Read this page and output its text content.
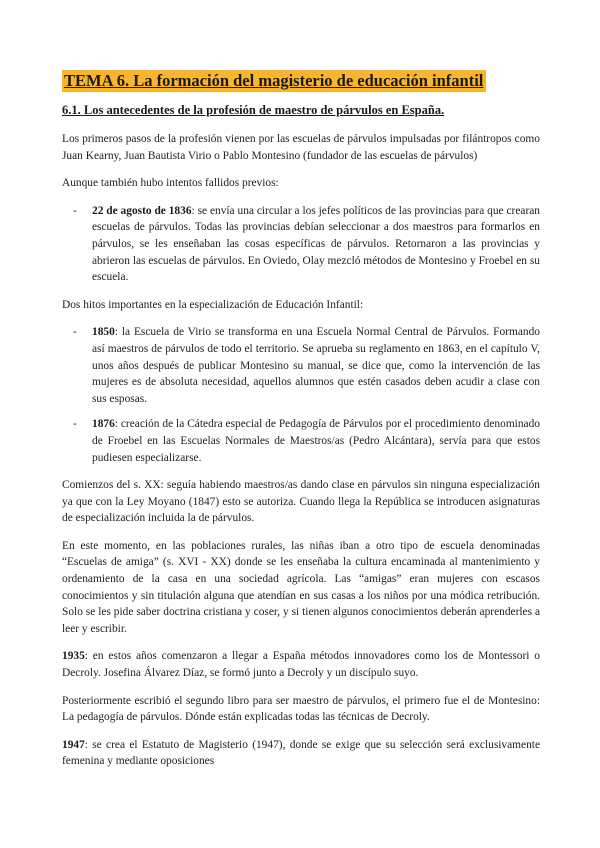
TEMA 6. La formación del magisterio de educación infantil
6.1. Los antecedentes de la profesión de maestro de párvulos en España.

Los primeros pasos de la profesión vienen por las escuelas de párvulos impulsadas por filántropos como Juan Kearny, Juan Bautista Virio o Pablo Montesino (fundador de las escuelas de párvulos)

Aunque también hubo intentos fallidos previos:

- 22 de agosto de 1836: se envía una circular a los jefes políticos de las provincias para que crearan escuelas de párvulos. Todas las provincias debían seleccionar a dos maestros para formarlos en párvulos, se les enseñaban las cosas específicas de párvulos. Retornaron a las provincias y abrieron las escuelas de párvulos. En Oviedo, Olay mezcló métodos de Montesino y Froebel en su escuela.

Dos hitos importantes en la especialización de Educación Infantil:

- 1850: la Escuela de Virio se transforma en una Escuela Normal Central de Párvulos. Formando así maestros de párvulos de todo el territorio. Se aprueba su reglamento en 1863, en el capítulo V, unos años después de publicar Montesino su manual, se dice que, como la intervención de las mujeres es de absoluta necesidad, aquellos alumnos que estén casados deben acudir a clase con sus esposas.
- 1876: creación de la Cátedra especial de Pedagogía de Párvulos por el procedimiento denominado de Froebel en las Escuelas Normales de Maestros/as (Pedro Alcántara), servía para que estos pudiesen especializarse.

Comienzos del s. XX: seguía habiendo maestros/as dando clase en párvulos sin ninguna especialización ya que con la Ley Moyano (1847) esto se autoriza. Cuando llega la República se introducen asignaturas de especialización incluida la de párvulos.

En este momento, en las poblaciones rurales, las niñas iban a otro tipo de escuela denominadas “Escuelas de amiga” (s. XVI - XX) donde se les enseñaba la cultura encaminada al mantenimiento y ordenamiento de la casa en una sociedad agrícola. Las “amigas” eran mujeres con escasos conocimientos y sin titulación alguna que atendían en sus casas a los niños por una módica retribución. Solo se les pide saber doctrina cristiana y coser, y si tienen algunos conocimientos deberán aprenderles a leer y escribir.

1935: en estos años comenzaron a llegar a España métodos innovadores como los de Montessori o Decroly. Josefina Álvarez Díaz, se formó junto a Decroly y un discípulo suyo.

Posteriormente escribió el segundo libro para ser maestro de párvulos, el primero fue el de Montesino: La pedagogía de párvulos. Dónde están explicadas todas las técnicas de Decroly.

1947: se crea el Estatuto de Magisterio (1947), donde se exige que su selección será exclusivamente femenina y mediante oposiciones
